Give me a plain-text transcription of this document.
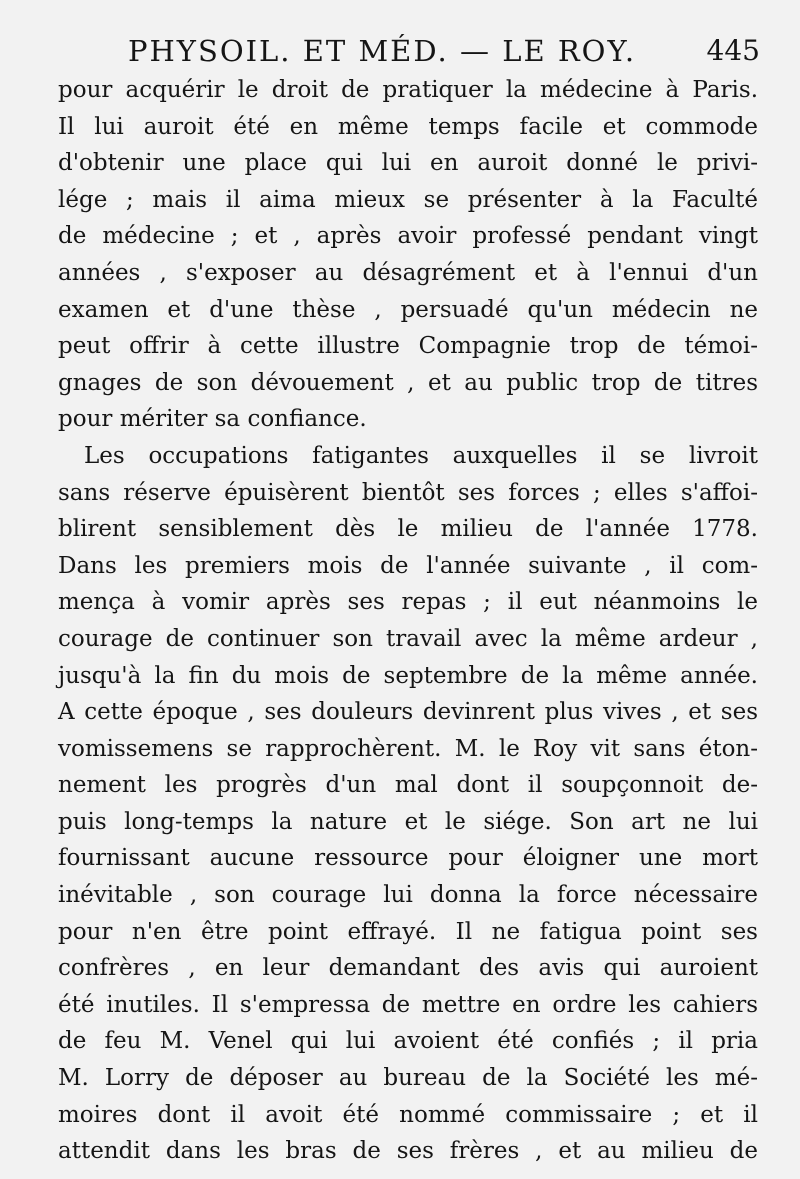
PHYSOIL. ET MÉD. — LE ROY.	445
pour acquérir le droit de pratiquer la médecine à Paris.
Il lui auroit été en même temps facile et commode
d'obtenir une place qui lui en auroit donné le privi-
lége ; mais il aima mieux se présenter à la Faculté
de médecine ; et , après avoir professé pendant vingt
années , s'exposer au désagrément et à l'ennui d'un
examen et d'une thèse , persuadé qu'un médecin ne
peut offrir à cette illustre Compagnie trop de témoi-
gnages de son dévouement , et au public trop de titres
pour mériter sa confiance.
Les occupations fatigantes auxquelles il se livroit
sans réserve épuisèrent bientôt ses forces ; elles s'affoi-
blirent sensiblement dès le milieu de l'année 1778.
Dans les premiers mois de l'année suivante , il com-
mença à vomir après ses repas ; il eut néanmoins le
courage de continuer son travail avec la même ardeur ,
jusqu'à la fin du mois de septembre de la même année.
A cette époque , ses douleurs devinrent plus vives , et ses
vomissemens se rapprochèrent. M. le Roy vit sans éton-
nement les progrès d'un mal dont il soupçonnoit de-
puis long-temps la nature et le siége. Son art ne lui
fournissant aucune ressource pour éloigner une mort
inévitable , son courage lui donna la force nécessaire
pour n'en être point effrayé. Il ne fatigua point ses
confrères , en leur demandant des avis qui auroient
été inutiles. Il s'empressa de mettre en ordre les cahiers
de feu M. Venel qui lui avoient été confiés ; il pria
M. Lorry de déposer au bureau de la Société les mé-
moires dont il avoit été nommé commissaire ; et il
attendit dans les bras de ses frères , et au milieu de
